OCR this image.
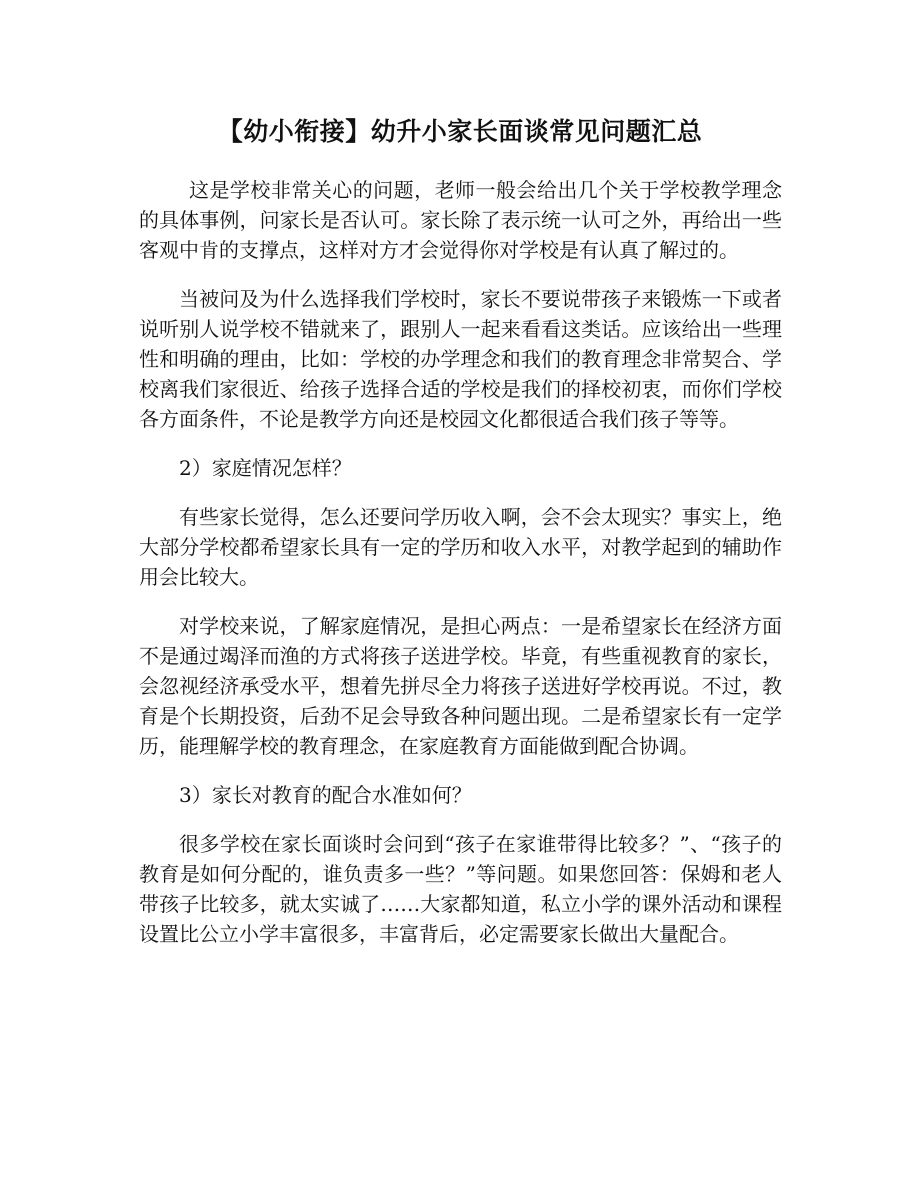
【幼小衔接】幼升小家长面谈常见问题汇总

这是学校非常关心的问题，老师一般会给出几个关于学校教学理念的具体事例，问家长是否认可。家长除了表示统一认可之外，再给出一些客观中肯的支撑点，这样对方才会觉得你对学校是有认真了解过的。

当被问及为什么选择我们学校时，家长不要说带孩子来锻炼一下或者说听别人说学校不错就来了，跟别人一起来看看这类话。应该给出一些理性和明确的理由，比如：学校的办学理念和我们的教育理念非常契合、学校离我们家很近、给孩子选择合适的学校是我们的择校初衷，而你们学校各方面条件，不论是教学方向还是校园文化都很适合我们孩子等等。

2）家庭情况怎样？

有些家长觉得，怎么还要问学历收入啊，会不会太现实？事实上，绝大部分学校都希望家长具有一定的学历和收入水平，对教学起到的辅助作用会比较大。

对学校来说，了解家庭情况，是担心两点：一是希望家长在经济方面不是通过竭泽而渔的方式将孩子送进学校。毕竟，有些重视教育的家长，会忽视经济承受水平，想着先拼尽全力将孩子送进好学校再说。不过，教育是个长期投资，后劲不足会导致各种问题出现。二是希望家长有一定学历，能理解学校的教育理念，在家庭教育方面能做到配合协调。

3）家长对教育的配合水准如何？

很多学校在家长面谈时会问到“孩子在家谁带得比较多？”、“孩子的教育是如何分配的，谁负责多一些？”等问题。如果您回答：保姆和老人带孩子比较多，就太实诚了……大家都知道，私立小学的课外活动和课程设置比公立小学丰富很多，丰富背后，必定需要家长做出大量配合。
